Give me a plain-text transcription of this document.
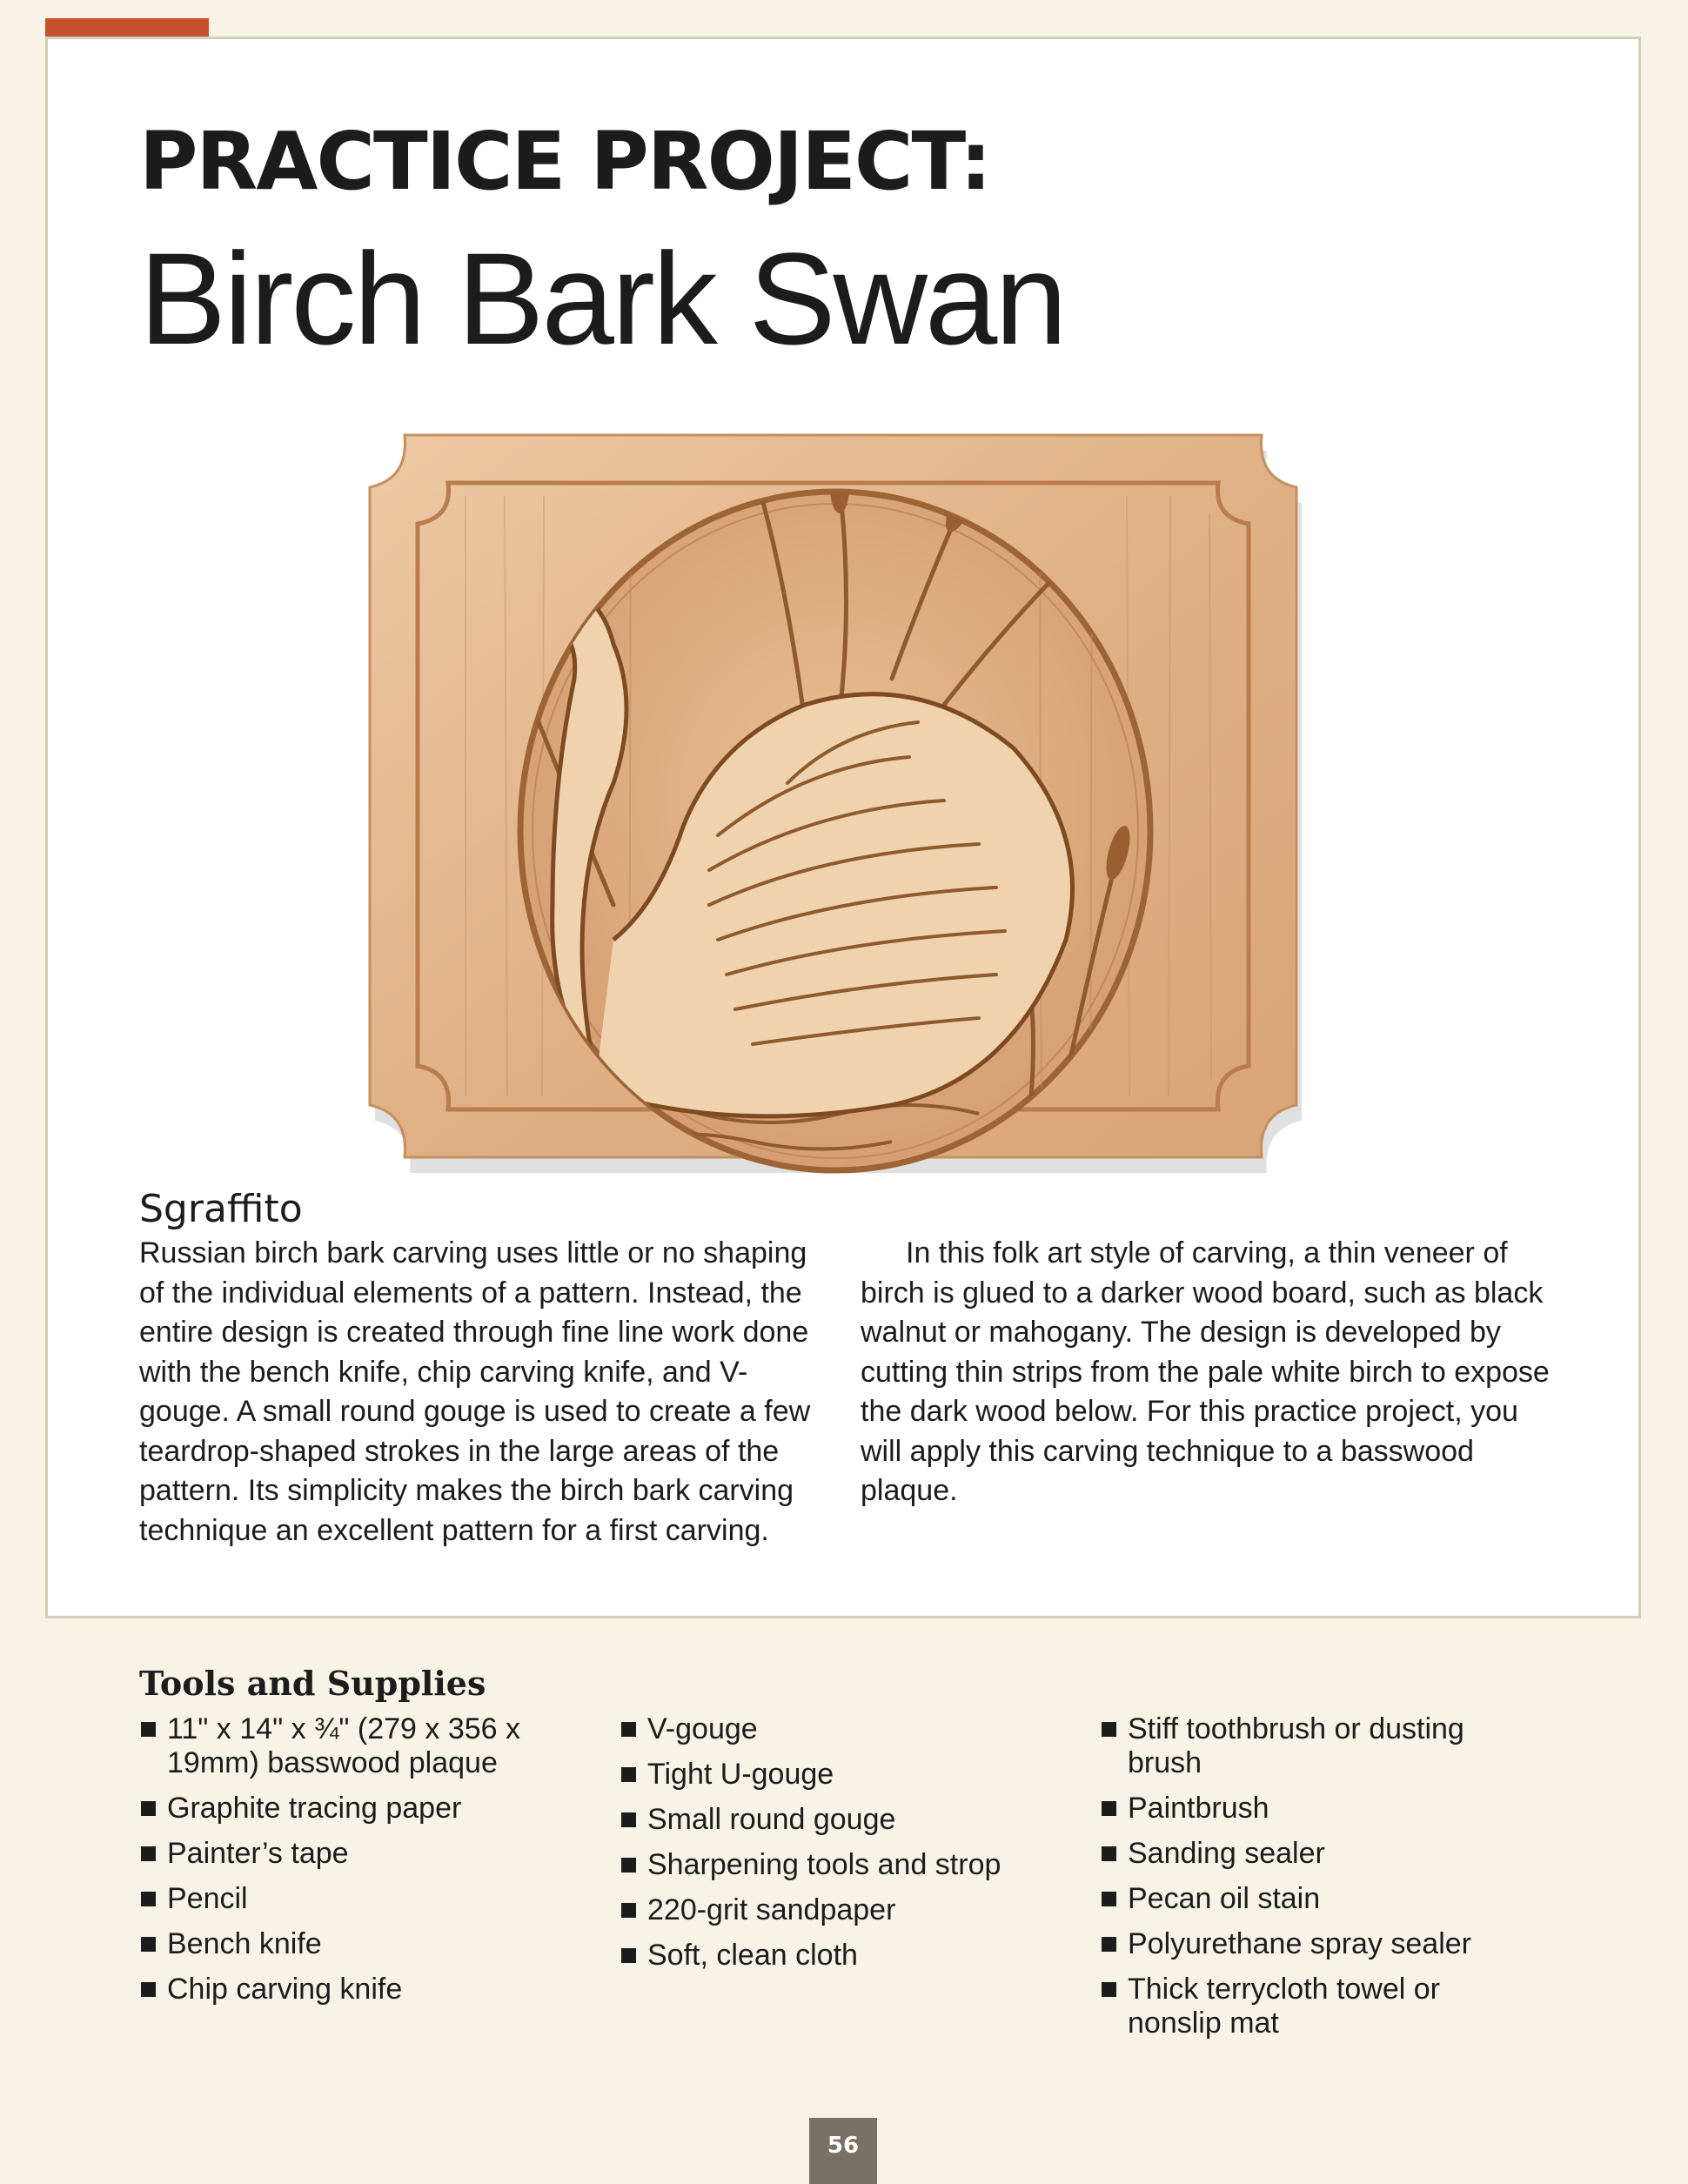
PRACTICE PROJECT:
Birch Bark Swan
Sgraffito

Russian birch bark carving uses little or no shaping of the individual elements of a pattern. Instead, the entire design is created through fine line work done with the bench knife, chip carving knife, and V-gouge. A small round gouge is used to create a few teardrop-shaped strokes in the large areas of the pattern. Its simplicity makes the birch bark carving technique an excellent pattern for a first carving.

In this folk art style of carving, a thin veneer of birch is glued to a darker wood board, such as black walnut or mahogany. The design is developed by cutting thin strips from the pale white birch to expose the dark wood below. For this practice project, you will apply this carving technique to a basswood plaque.

Tools and Supplies
11" x 14" x ¾" (279 x 356 x 19mm) basswood plaque
Graphite tracing paper
Painter’s tape
Pencil
Bench knife
Chip carving knife
V-gouge
Tight U-gouge
Small round gouge
Sharpening tools and strop
220-grit sandpaper
Soft, clean cloth
Stiff toothbrush or dusting brush
Paintbrush
Sanding sealer
Pecan oil stain
Polyurethane spray sealer
Thick terrycloth towel or nonslip mat
56
